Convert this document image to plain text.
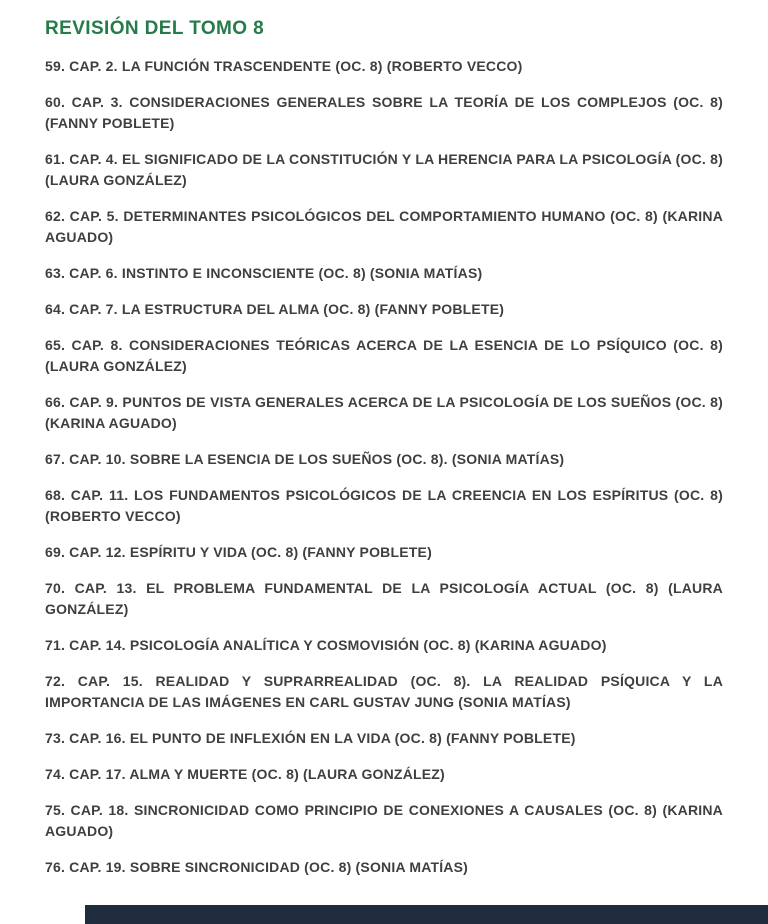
REVISIÓN DEL TOMO 8

59. CAP. 2. LA FUNCIÓN TRASCENDENTE (OC. 8) (ROBERTO VECCO)

60. CAP. 3. CONSIDERACIONES GENERALES SOBRE LA TEORÍA DE LOS COMPLEJOS (OC. 8) (FANNY POBLETE)

61. CAP. 4. EL SIGNIFICADO DE LA CONSTITUCIÓN Y LA HERENCIA PARA LA PSICOLOGÍA (OC. 8) (LAURA GONZÁLEZ)

62. CAP. 5. DETERMINANTES PSICOLÓGICOS DEL COMPORTAMIENTO HUMANO (OC. 8) (KARINA AGUADO)

63. CAP. 6. INSTINTO E INCONSCIENTE (OC. 8) (SONIA MATÍAS)

64. CAP. 7. LA ESTRUCTURA DEL ALMA (OC. 8) (FANNY POBLETE)

65. CAP. 8. CONSIDERACIONES TEÓRICAS ACERCA DE LA ESENCIA DE LO PSÍQUICO (OC. 8) (LAURA GONZÁLEZ)

66. CAP. 9. PUNTOS DE VISTA GENERALES ACERCA DE LA PSICOLOGÍA DE LOS SUEÑOS (OC. 8) (KARINA AGUADO)

67. CAP. 10. SOBRE LA ESENCIA DE LOS SUEÑOS (OC. 8). (SONIA MATÍAS)

68. CAP. 11. LOS FUNDAMENTOS PSICOLÓGICOS DE LA CREENCIA EN LOS ESPÍRITUS (OC. 8) (ROBERTO VECCO)

69. CAP. 12. ESPÍRITU Y VIDA (OC. 8) (FANNY POBLETE)

70. CAP. 13. EL PROBLEMA FUNDAMENTAL DE LA PSICOLOGÍA ACTUAL (OC. 8) (LAURA GONZÁLEZ)

71. CAP. 14. PSICOLOGÍA ANALÍTICA Y COSMOVISIÓN (OC. 8) (KARINA AGUADO)

72. CAP. 15. REALIDAD Y SUPRARREALIDAD (OC. 8). LA REALIDAD PSÍQUICA Y LA IMPORTANCIA DE LAS IMÁGENES EN CARL GUSTAV JUNG (SONIA MATÍAS)

73. CAP. 16. EL PUNTO DE INFLEXIÓN EN LA VIDA (OC. 8) (FANNY POBLETE)

74. CAP. 17. ALMA Y MUERTE (OC. 8) (LAURA GONZÁLEZ)

75. CAP. 18. SINCRONICIDAD COMO PRINCIPIO DE CONEXIONES A CAUSALES (OC. 8) (KARINA AGUADO)

76. CAP. 19. SOBRE SINCRONICIDAD (OC. 8) (SONIA MATÍAS)
